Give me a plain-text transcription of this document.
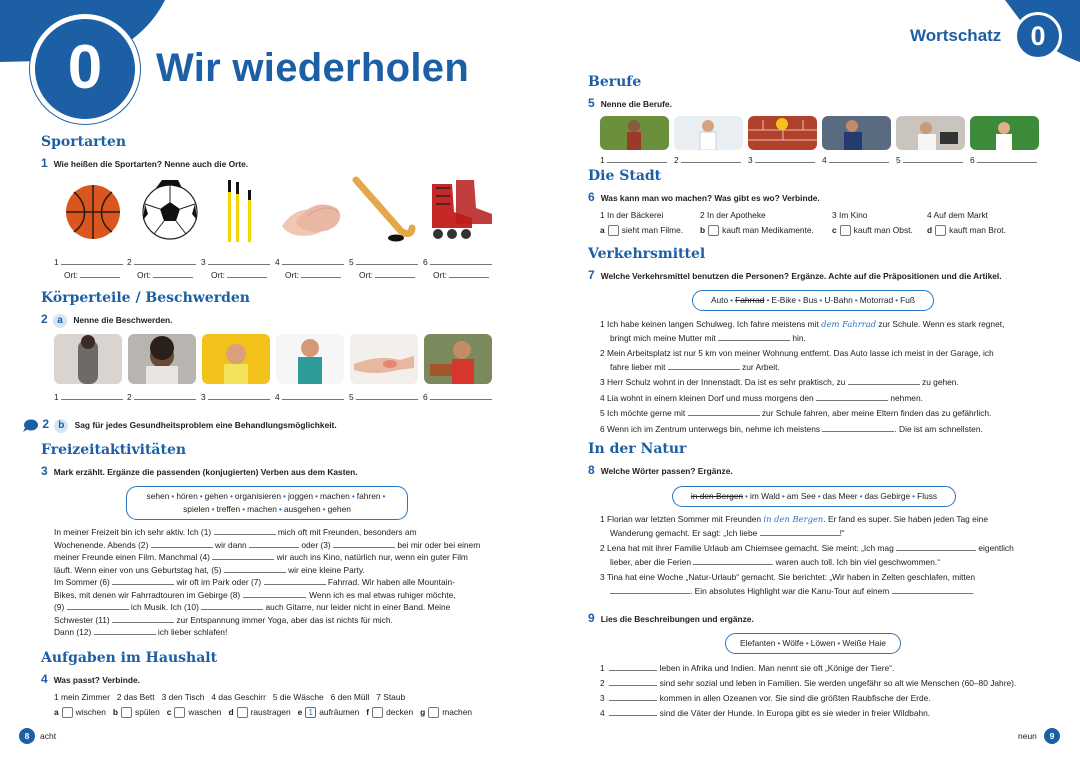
0	Wir wiederholen
Wortschatz	0
Sportarten
1 Wie heißen die Sportarten? Nenne auch die Orte.
1	2	3	4	5	6
Ort:	Ort:	Ort:	Ort:	Ort:	Ort:
Körperteile / Beschwerden
2 a Nenne die Beschwerden.
1	2	3	4	5	6
2 b Sag für jedes Gesundheitsproblem eine Behandlungsmöglichkeit.
Freizeitaktivitäten
3 Mark erzählt. Ergänze die passenden (konjugierten) Verben aus dem Kasten.
sehen • hören • gehen • organisieren • joggen • machen • fahren •
spielen • treffen • machen • ausgehen • gehen
In meiner Freizeit bin ich sehr aktiv. Ich (1)	mich oft mit Freunden, besonders am
Wochenende. Abends (2)	wir dann	oder (3)	bei mir oder bei einem
meiner Freunde einen Film. Manchmal (4)	wir auch ins Kino, natürlich nur, wenn ein guter Film
läuft. Wenn einer von uns Geburtstag hat, (5)	wir eine kleine Party.
Im Sommer (6)	wir oft im Park oder (7)	Fahrrad. Wir haben alle Mountain-
Bikes, mit denen wir Fahrradtouren im Gebirge (8)	. Wenn ich es mal etwas ruhiger möchte,
(9)	ich Musik. Ich (10)	auch Gitarre, nur leider nicht in einer Band. Meine
Schwester (11)	zur Entspannung immer Yoga, aber das ist nichts für mich.
Dann (12)	ich lieber schlafen!
Aufgaben im Haushalt
4 Was passt? Verbinde.
1 mein Zimmer 2 das Bett 3 den Tisch 4 das Geschirr 5 die Wäsche 6 den Müll 7 Staub
a wischen b spülen c waschen d raustragen e 1 aufräumen f decken g machen
8	acht
Berufe
5 Nenne die Berufe.
1	2	3	4	5	6
Die Stadt
6 Was kann man wo machen? Was gibt es wo? Verbinde.
1 In der Bäckerei	2 In der Apotheke	3 Im Kino	4 Auf dem Markt
a sieht man Filme. b kauft man Medikamente. c kauft man Obst. d kauft man Brot.
Verkehrsmittel
7 Welche Verkehrsmittel benutzen die Personen? Ergänze. Achte auf die Präpositionen und die Artikel.
Auto • Fahrrad • E-Bike • Bus • U-Bahn • Motorrad • Fuß
1 Ich habe keinen langen Schulweg. Ich fahre meistens mit dem Fahrrad zur Schule. Wenn es stark regnet,
bringt mich meine Mutter mit	hin.
2 Mein Arbeitsplatz ist nur 5 km von meiner Wohnung entfernt. Das Auto lasse ich meist in der Garage, ich
fahre lieber mit	zur Arbeit.
3 Herr Schulz wohnt in der Innenstadt. Da ist es sehr praktisch, zu	zu gehen.
4 Lia wohnt in einem kleinen Dorf und muss morgens den	nehmen.
5 Ich möchte gerne mit	zur Schule fahren, aber meine Eltern finden das zu gefährlich.
6 Wenn ich im Zentrum unterwegs bin, nehme ich meistens	. Die ist am schnellsten.
In der Natur
8 Welche Wörter passen? Ergänze.
in den Bergen • im Wald • am See • das Meer • das Gebirge • Fluss
1 Florian war letzten Sommer mit Freunden in den Bergen. Er fand es super. Sie haben jeden Tag eine
Wanderung gemacht. Er sagt: „Ich liebe	!“
2 Lena hat mit ihrer Familie Urlaub am Chiemsee gemacht. Sie meint: „Ich mag	eigentlich
lieber, aber die Ferien	waren auch toll. Ich bin viel geschwommen.“
3 Tina hat eine Woche „Natur-Urlaub“ gemacht. Sie berichtet: „Wir haben in Zelten geschlafen, mitten
. Ein absolutes Highlight war die Kanu-Tour auf einem	.
9 Lies die Beschreibungen und ergänze.
Elefanten • Wölfe • Löwen • Weiße Haie
1	leben in Afrika und Indien. Man nennt sie oft „Könige der Tiere“.
2	sind sehr sozial und leben in Familien. Sie werden ungefähr so alt wie Menschen (60–80 Jahre).
3	kommen in allen Ozeanen vor. Sie sind die größten Raubfische der Erde.
4	sind die Väter der Hunde. In Europa gibt es sie wieder in freier Wildbahn.
neun	9
